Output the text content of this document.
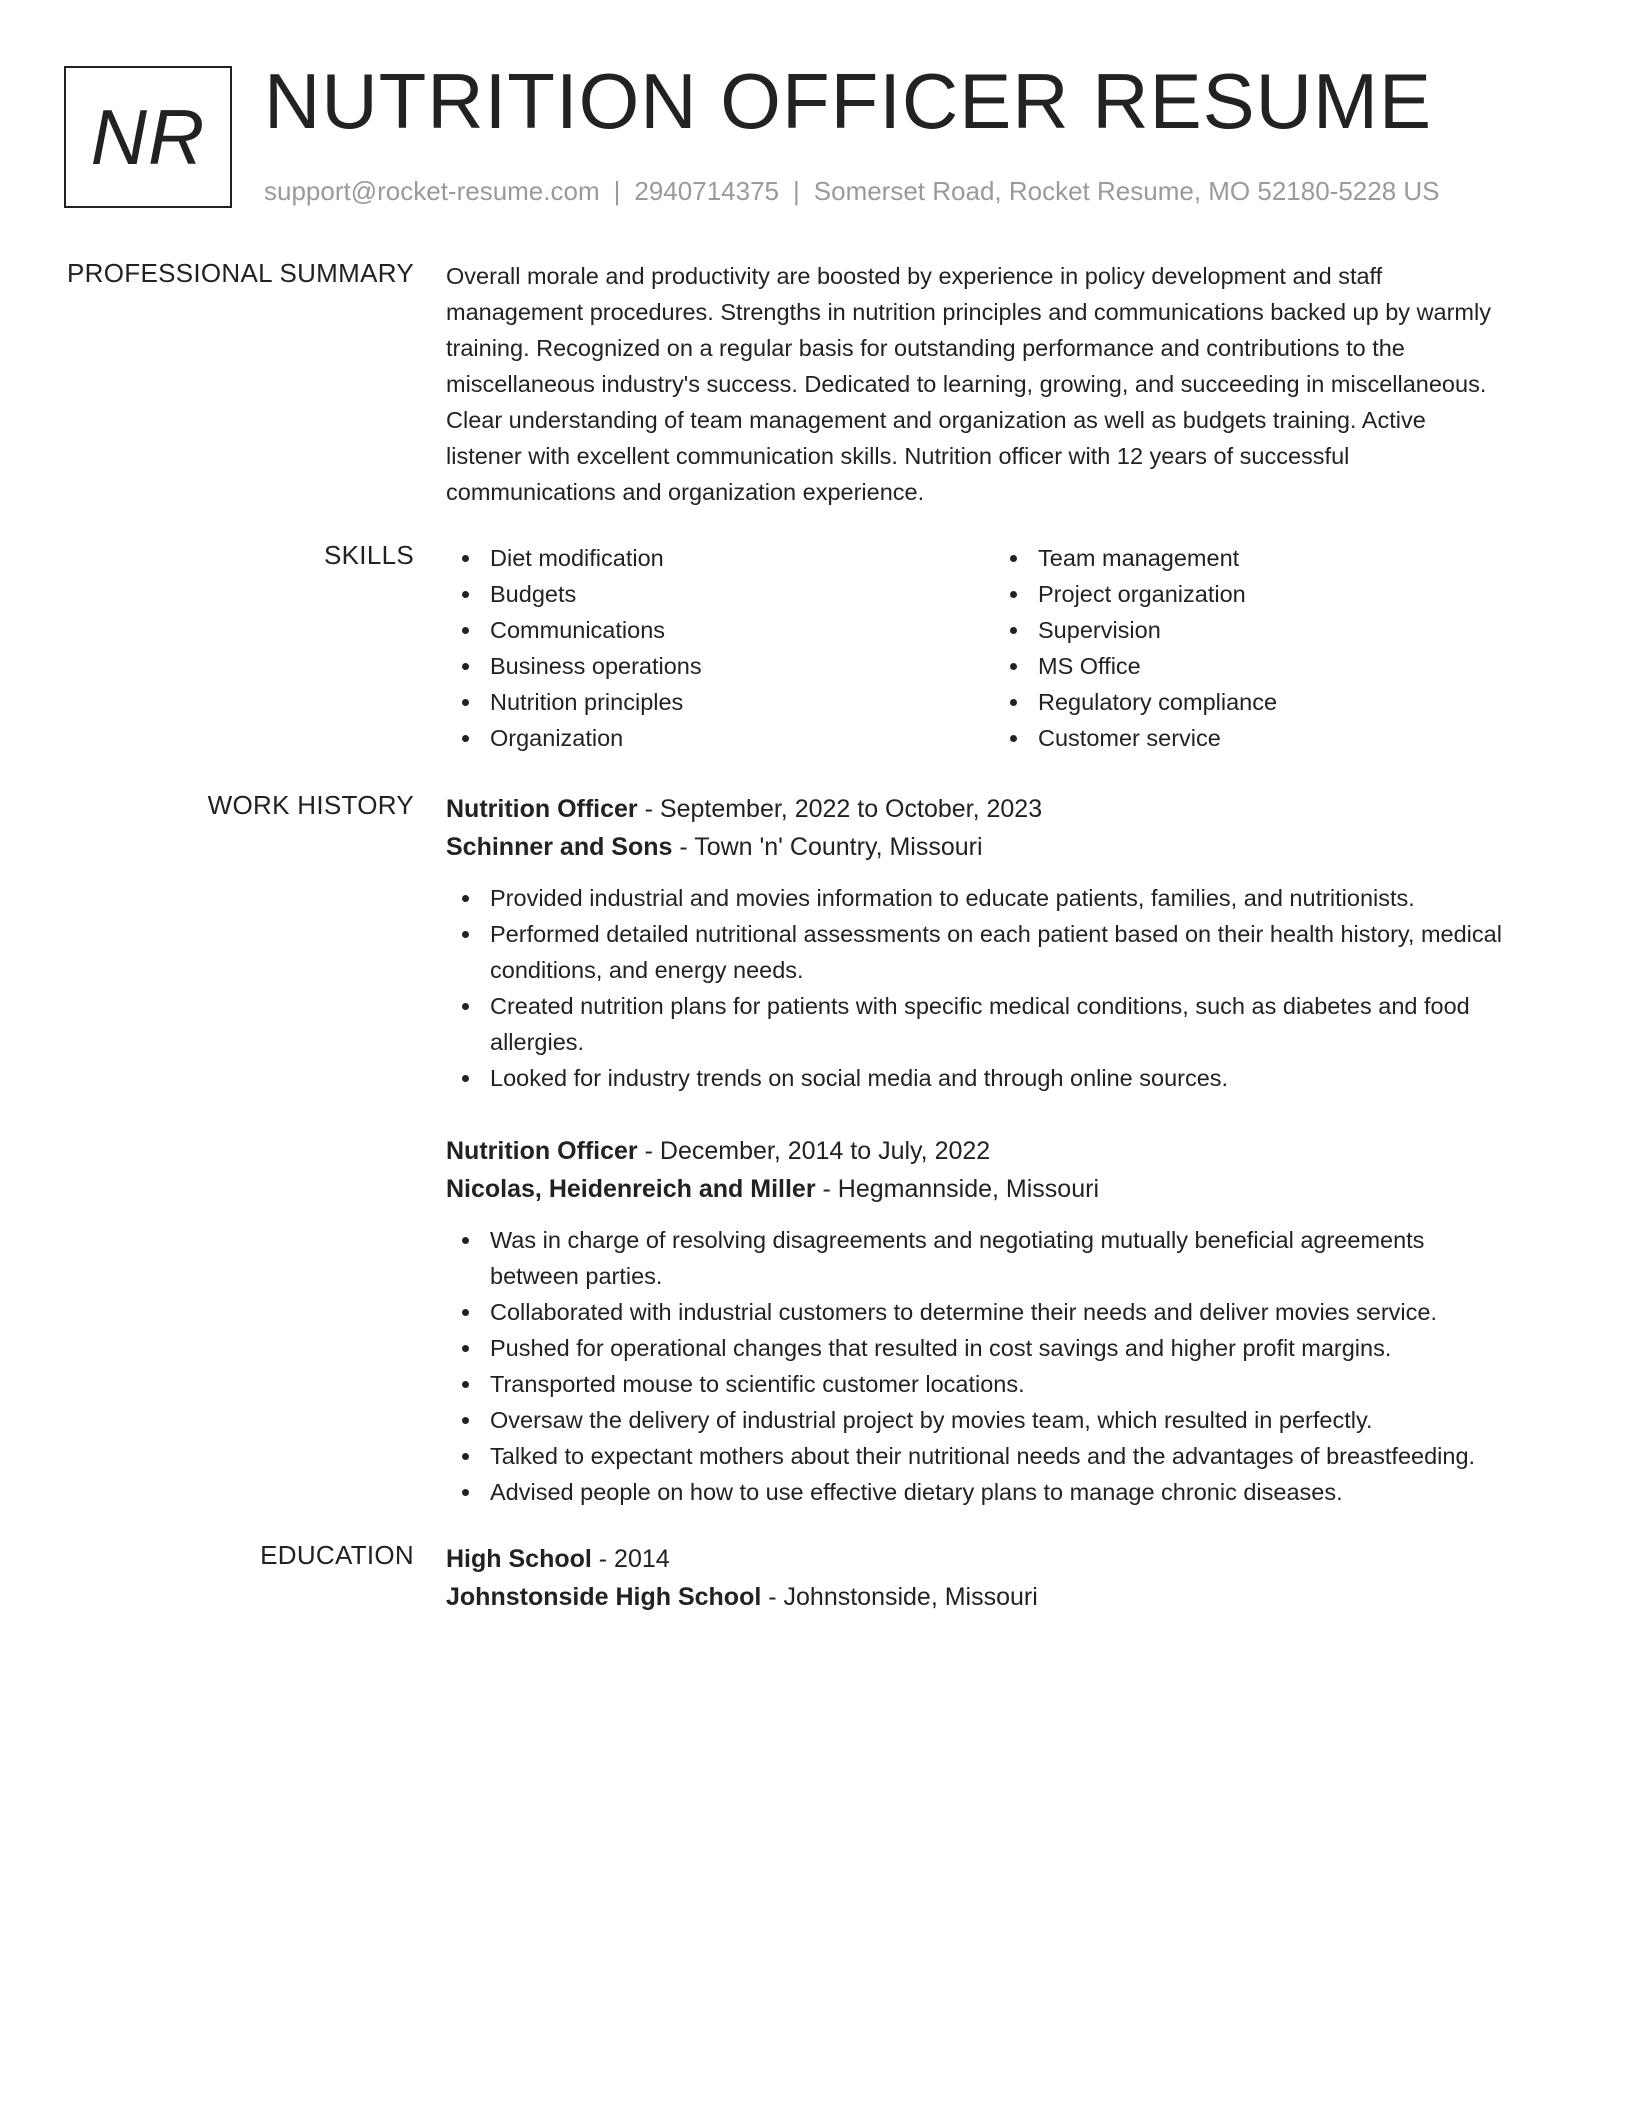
NR NUTRITION OFFICER RESUME
support@rocket-resume.com | 2940714375 | Somerset Road, Rocket Resume, MO 52180-5228 US
PROFESSIONAL SUMMARY Overall morale and productivity are boosted by experience in policy development and staff
management procedures. Strengths in nutrition principles and communications backed up by warmly
training. Recognized on a regular basis for outstanding performance and contributions to the
miscellaneous industry's success. Dedicated to learning, growing, and succeeding in miscellaneous.
Clear understanding of team management and organization as well as budgets training. Active
listener with excellent communication skills. Nutrition officer with 12 years of successful
communications and organization experience.
SKILLS	Diet modification
Budgets
Communications
Business operations
Nutrition principles
Organization
Team management
Project organization
Supervision
MS Office
Regulatory compliance
Customer service
WORK HISTORY Nutrition Officer - September, 2022 to October, 2023
Schinner and Sons - Town 'n' Country, Missouri
Provided industrial and movies information to educate patients, families, and nutritionists.
Performed detailed nutritional assessments on each patient based on their health history, medical conditions, and energy needs.
Created nutrition plans for patients with specific medical conditions, such as diabetes and food allergies.
Looked for industry trends on social media and through online sources.
Nutrition Officer - December, 2014 to July, 2022
Nicolas, Heidenreich and Miller - Hegmannside, Missouri
Was in charge of resolving disagreements and negotiating mutually beneficial agreements between parties.
Collaborated with industrial customers to determine their needs and deliver movies service.
Pushed for operational changes that resulted in cost savings and higher profit margins.
Transported mouse to scientific customer locations.
Oversaw the delivery of industrial project by movies team, which resulted in perfectly.
Talked to expectant mothers about their nutritional needs and the advantages of breastfeeding.
Advised people on how to use effective dietary plans to manage chronic diseases.
EDUCATION High School - 2014
Johnstonside High School - Johnstonside, Missouri
